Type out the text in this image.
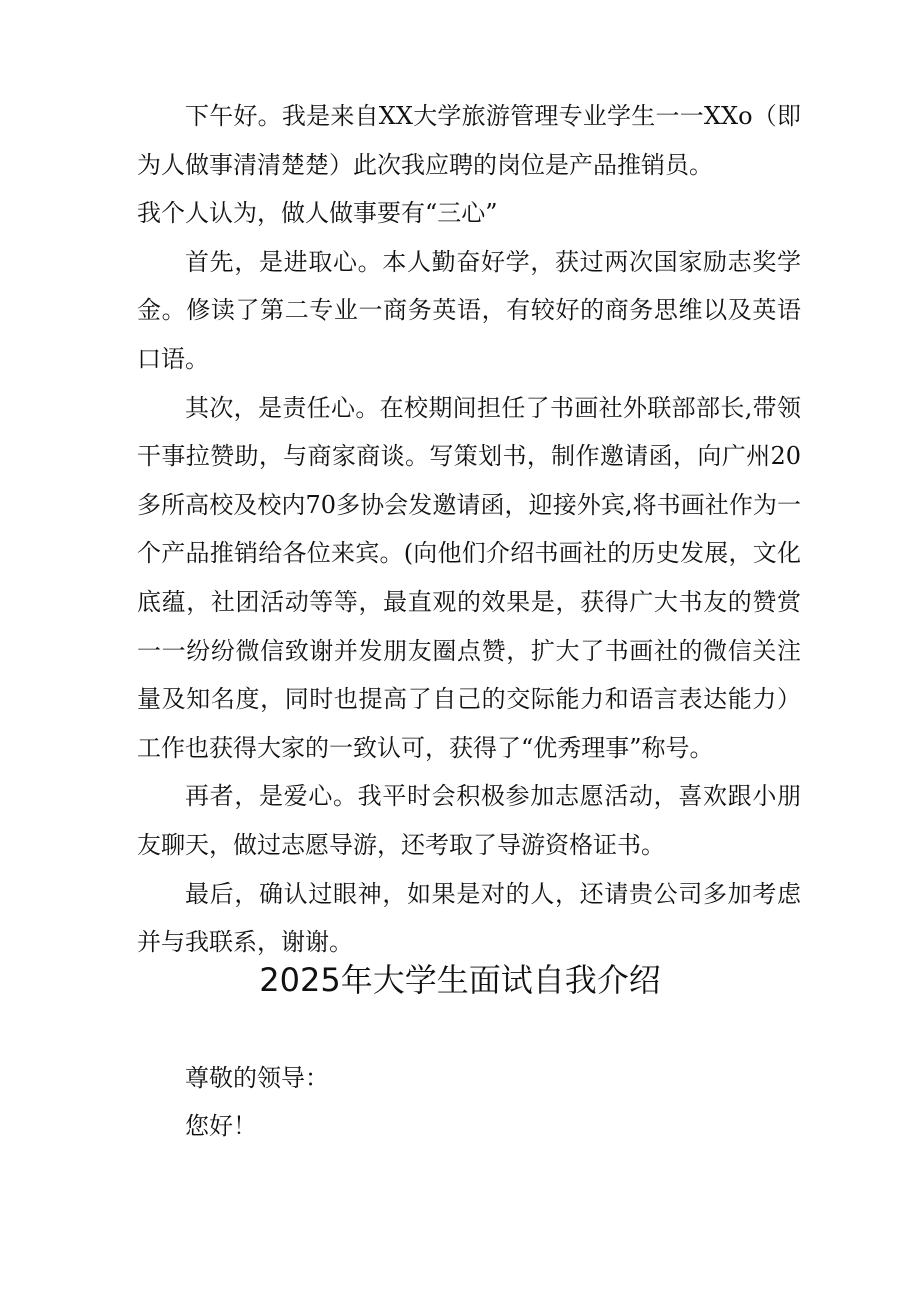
下午好。我是来自XX大学旅游管理专业学生一一XXo（即为人做事清清楚楚）此次我应聘的岗位是产品推销员。

我个人认为，做人做事要有“三心”

首先，是进取心。本人勤奋好学，获过两次国家励志奖学金。修读了第二专业一商务英语，有较好的商务思维以及英语口语。

其次，是责任心。在校期间担任了书画社外联部部长,带领干事拉赞助，与商家商谈。写策划书，制作邀请函，向广州20多所高校及校内70多协会发邀请函，迎接外宾,将书画社作为一个产品推销给各位来宾。(向他们介绍书画社的历史发展，文化底蕴，社团活动等等，最直观的效果是，获得广大书友的赞赏一一纷纷微信致谢并发朋友圈点赞，扩大了书画社的微信关注量及知名度，同时也提高了自己的交际能力和语言表达能力）工作也获得大家的一致认可，获得了“优秀理事”称号。

再者，是爱心。我平时会积极参加志愿活动，喜欢跟小朋友聊天，做过志愿导游，还考取了导游资格证书。

最后，确认过眼神，如果是对的人，还请贵公司多加考虑并与我联系，谢谢。

2025年大学生面试自我介绍
尊敬的领导：
您好！
